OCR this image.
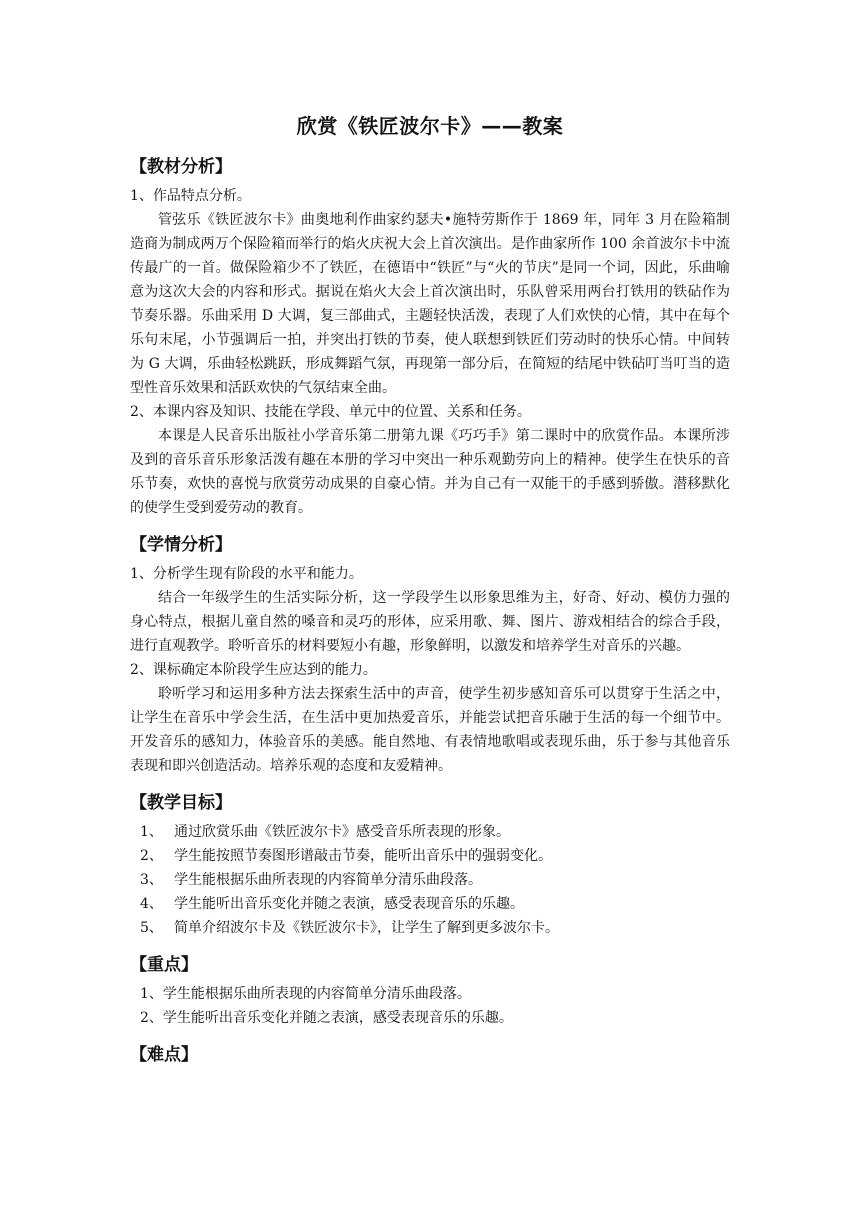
欣赏《铁匠波尔卡》——教案
【教材分析】

1、作品特点分析。

管弦乐《铁匠波尔卡》曲奥地利作曲家约瑟夫•施特劳斯作于 1869 年，同年 3 月在险箱制造商为制成两万个保险箱而举行的焰火庆祝大会上首次演出。是作曲家所作 100 余首波尔卡中流传最广的一首。做保险箱少不了铁匠，在德语中“铁匠”与“火的节庆”是同一个词，因此，乐曲喻意为这次大会的内容和形式。据说在焰火大会上首次演出时，乐队曾采用两台打铁用的铁砧作为节奏乐器。乐曲采用 D 大调，复三部曲式，主题轻快活泼，表现了人们欢快的心情，其中在每个乐句末尾，小节强调后一拍，并突出打铁的节奏，使人联想到铁匠们劳动时的快乐心情。中间转为 G 大调，乐曲轻松跳跃，形成舞蹈气氛，再现第一部分后，在简短的结尾中铁砧叮当叮当的造型性音乐效果和活跃欢快的气氛结束全曲。

2、本课内容及知识、技能在学段、单元中的位置、关系和任务。

本课是人民音乐出版社小学音乐第二册第九课《巧巧手》第二课时中的欣赏作品。本课所涉及到的音乐音乐形象活泼有趣在本册的学习中突出一种乐观勤劳向上的精神。使学生在快乐的音乐节奏，欢快的喜悦与欣赏劳动成果的自豪心情。并为自己有一双能干的手感到骄傲。潜移默化的使学生受到爱劳动的教育。

【学情分析】

1、分析学生现有阶段的水平和能力。

结合一年级学生的生活实际分析，这一学段学生以形象思维为主，好奇、好动、模仿力强的身心特点，根据儿童自然的嗓音和灵巧的形体，应采用歌、舞、图片、游戏相结合的综合手段，进行直观教学。聆听音乐的材料要短小有趣，形象鲜明，以激发和培养学生对音乐的兴趣。

2、课标确定本阶段学生应达到的能力。

聆听学习和运用多种方法去探索生活中的声音，使学生初步感知音乐可以贯穿于生活之中，让学生在音乐中学会生活，在生活中更加热爱音乐，并能尝试把音乐融于生活的每一个细节中。开发音乐的感知力，体验音乐的美感。能自然地、有表情地歌唱或表现乐曲，乐于参与其他音乐表现和即兴创造活动。培养乐观的态度和友爱精神。

【教学目标】
1、 通过欣赏乐曲《铁匠波尔卡》感受音乐所表现的形象。
2、 学生能按照节奏图形谱敲击节奏，能听出音乐中的强弱变化。
3、 学生能根据乐曲所表现的内容简单分清乐曲段落。
4、 学生能听出音乐变化并随之表演，感受表现音乐的乐趣。
5、 简单介绍波尔卡及《铁匠波尔卡》，让学生了解到更多波尔卡。
【重点】

1、学生能根据乐曲所表现的内容简单分清乐曲段落。

2、学生能听出音乐变化并随之表演，感受表现音乐的乐趣。

【难点】
